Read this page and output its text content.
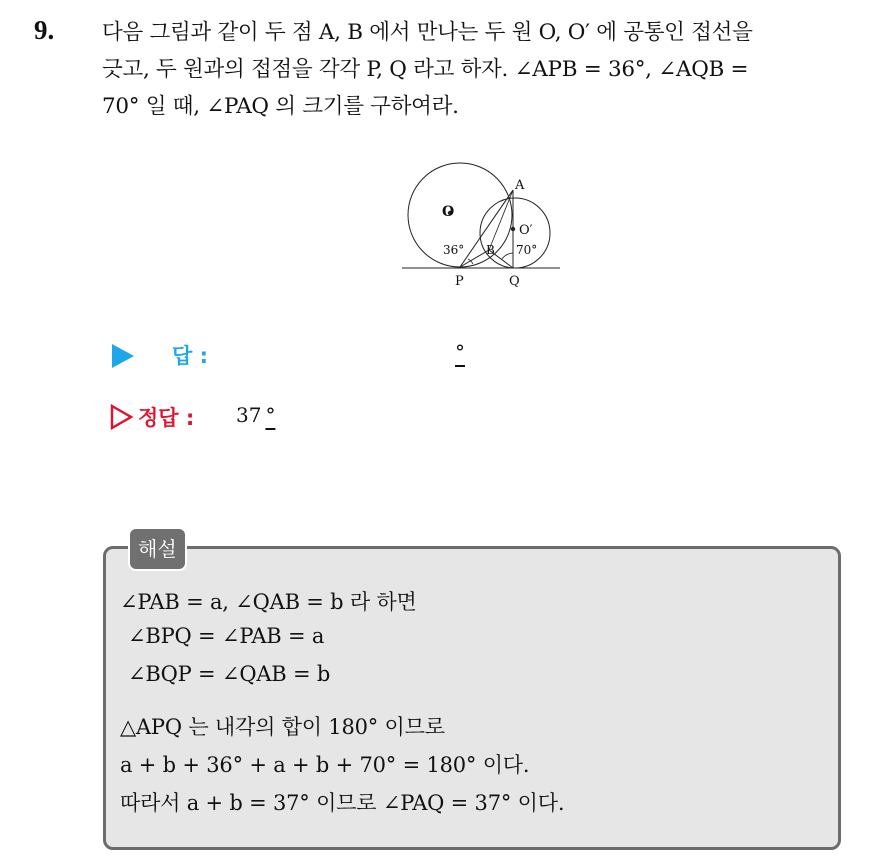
9. 다음 그림과 같이 두 점 A, B 에서 만나는 두 원 O, O′ 에 공통인 접선을
긋고, 두 원과의 접점을 각각 P, Q 라고 하자. ∠APB = 36°, ∠AQB =
70° 일 때, ∠PAQ 의 크기를 구하여라.
A
O
O′
B
P	Q
36°	70°
답 :	°
정답 : 37 °
해설
∠PAB = a, ∠QAB = b 라 하면
∠BPQ = ∠PAB = a
∠BQP = ∠QAB = b
△APQ 는 내각의 합이 180° 이므로
a + b + 36° + a + b + 70° = 180° 이다.
따라서 a + b = 37° 이므로 ∠PAQ = 37° 이다.
